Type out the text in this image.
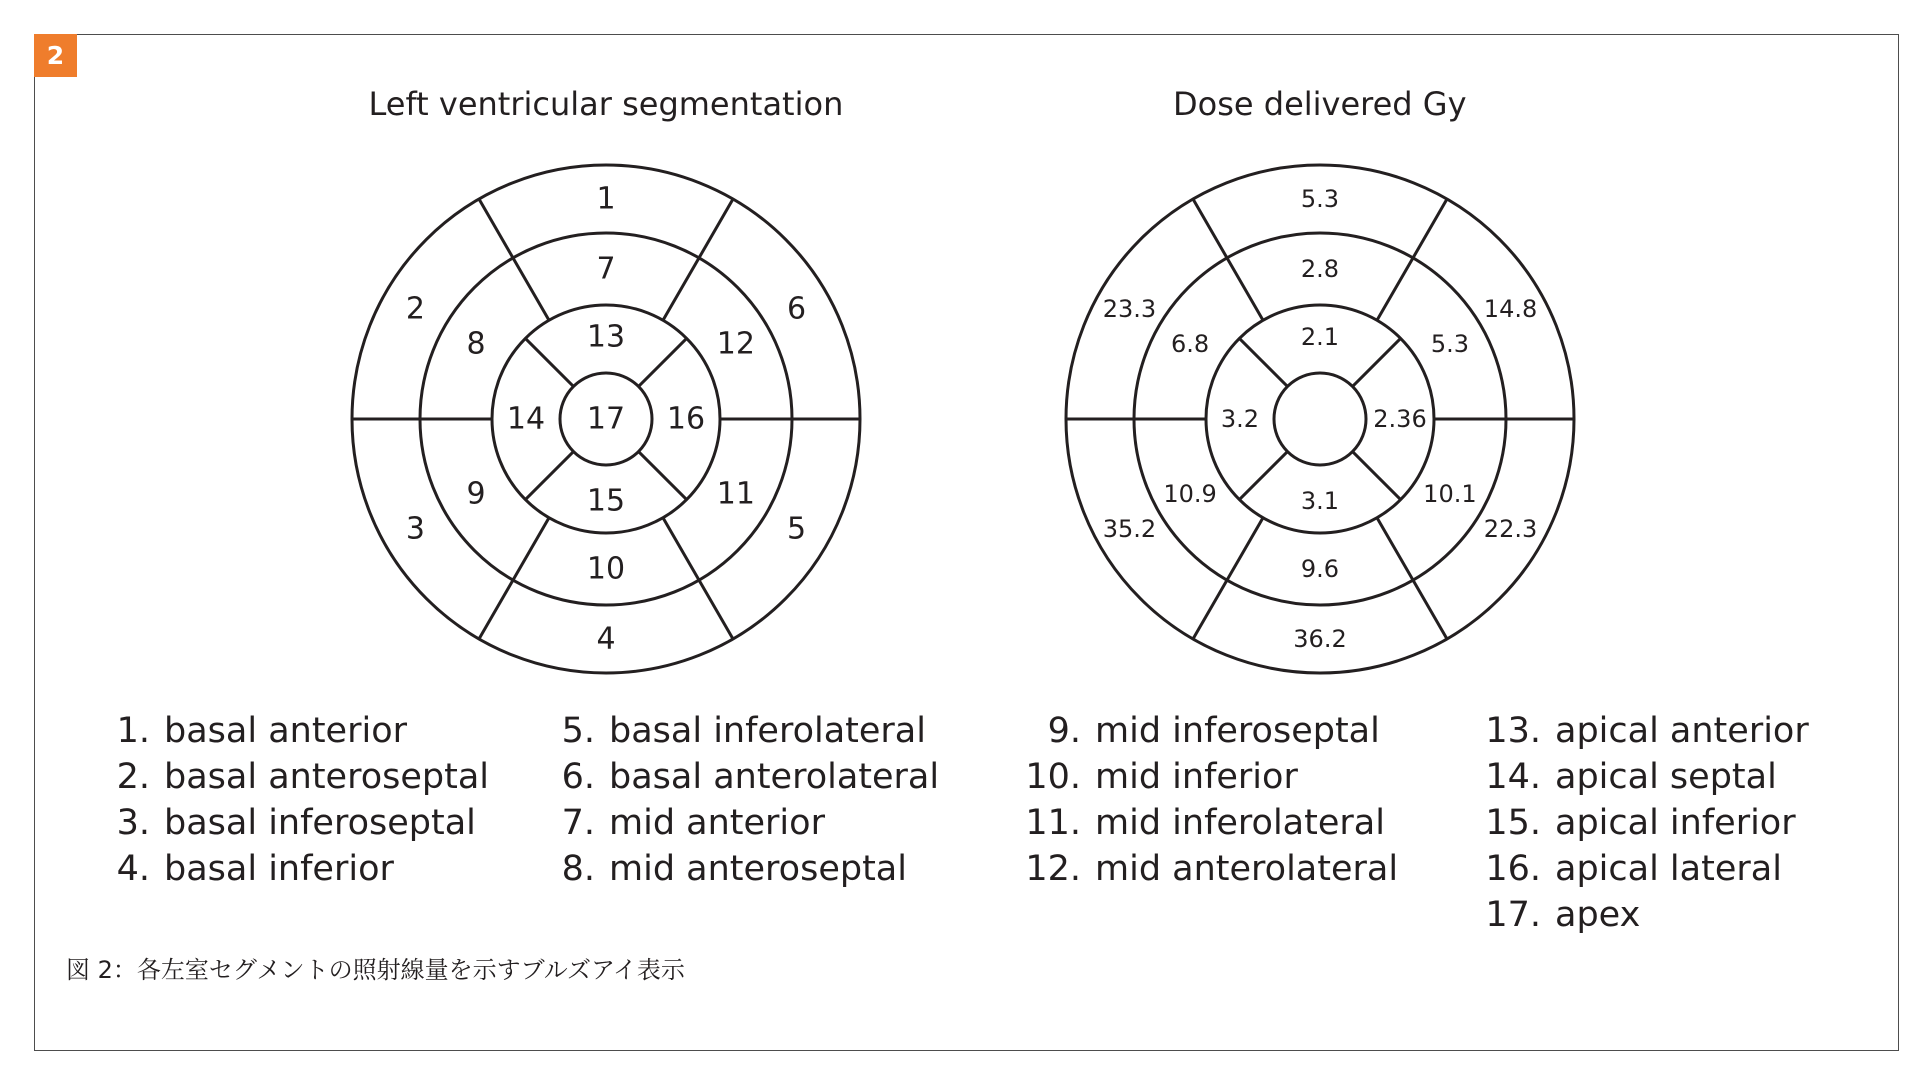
2
Left ventricular segmentation	Dose delivered Gy
1
2
3
4
5
6
7
8
9
10
11
12
13
14
15
16
17
5.3
23.3
35.2
36.2
22.3
14.8
2.8
6.8
10.9
9.6
10.1
5.3
2.1
3.2
3.1
2.36
1. basal anterior
2. basal anteroseptal
3. basal inferoseptal
4. basal inferior
5. basal inferolateral
6. basal anterolateral
7. mid anterior
8. mid anteroseptal
9. mid inferoseptal
10. mid inferior
11. mid inferolateral
12. mid anterolateral
13. apical anterior
14. apical septal
15. apical inferior
16. apical lateral
17. apex
図 2：各左室セグメントの照射線量を示すブルズアイ表示
